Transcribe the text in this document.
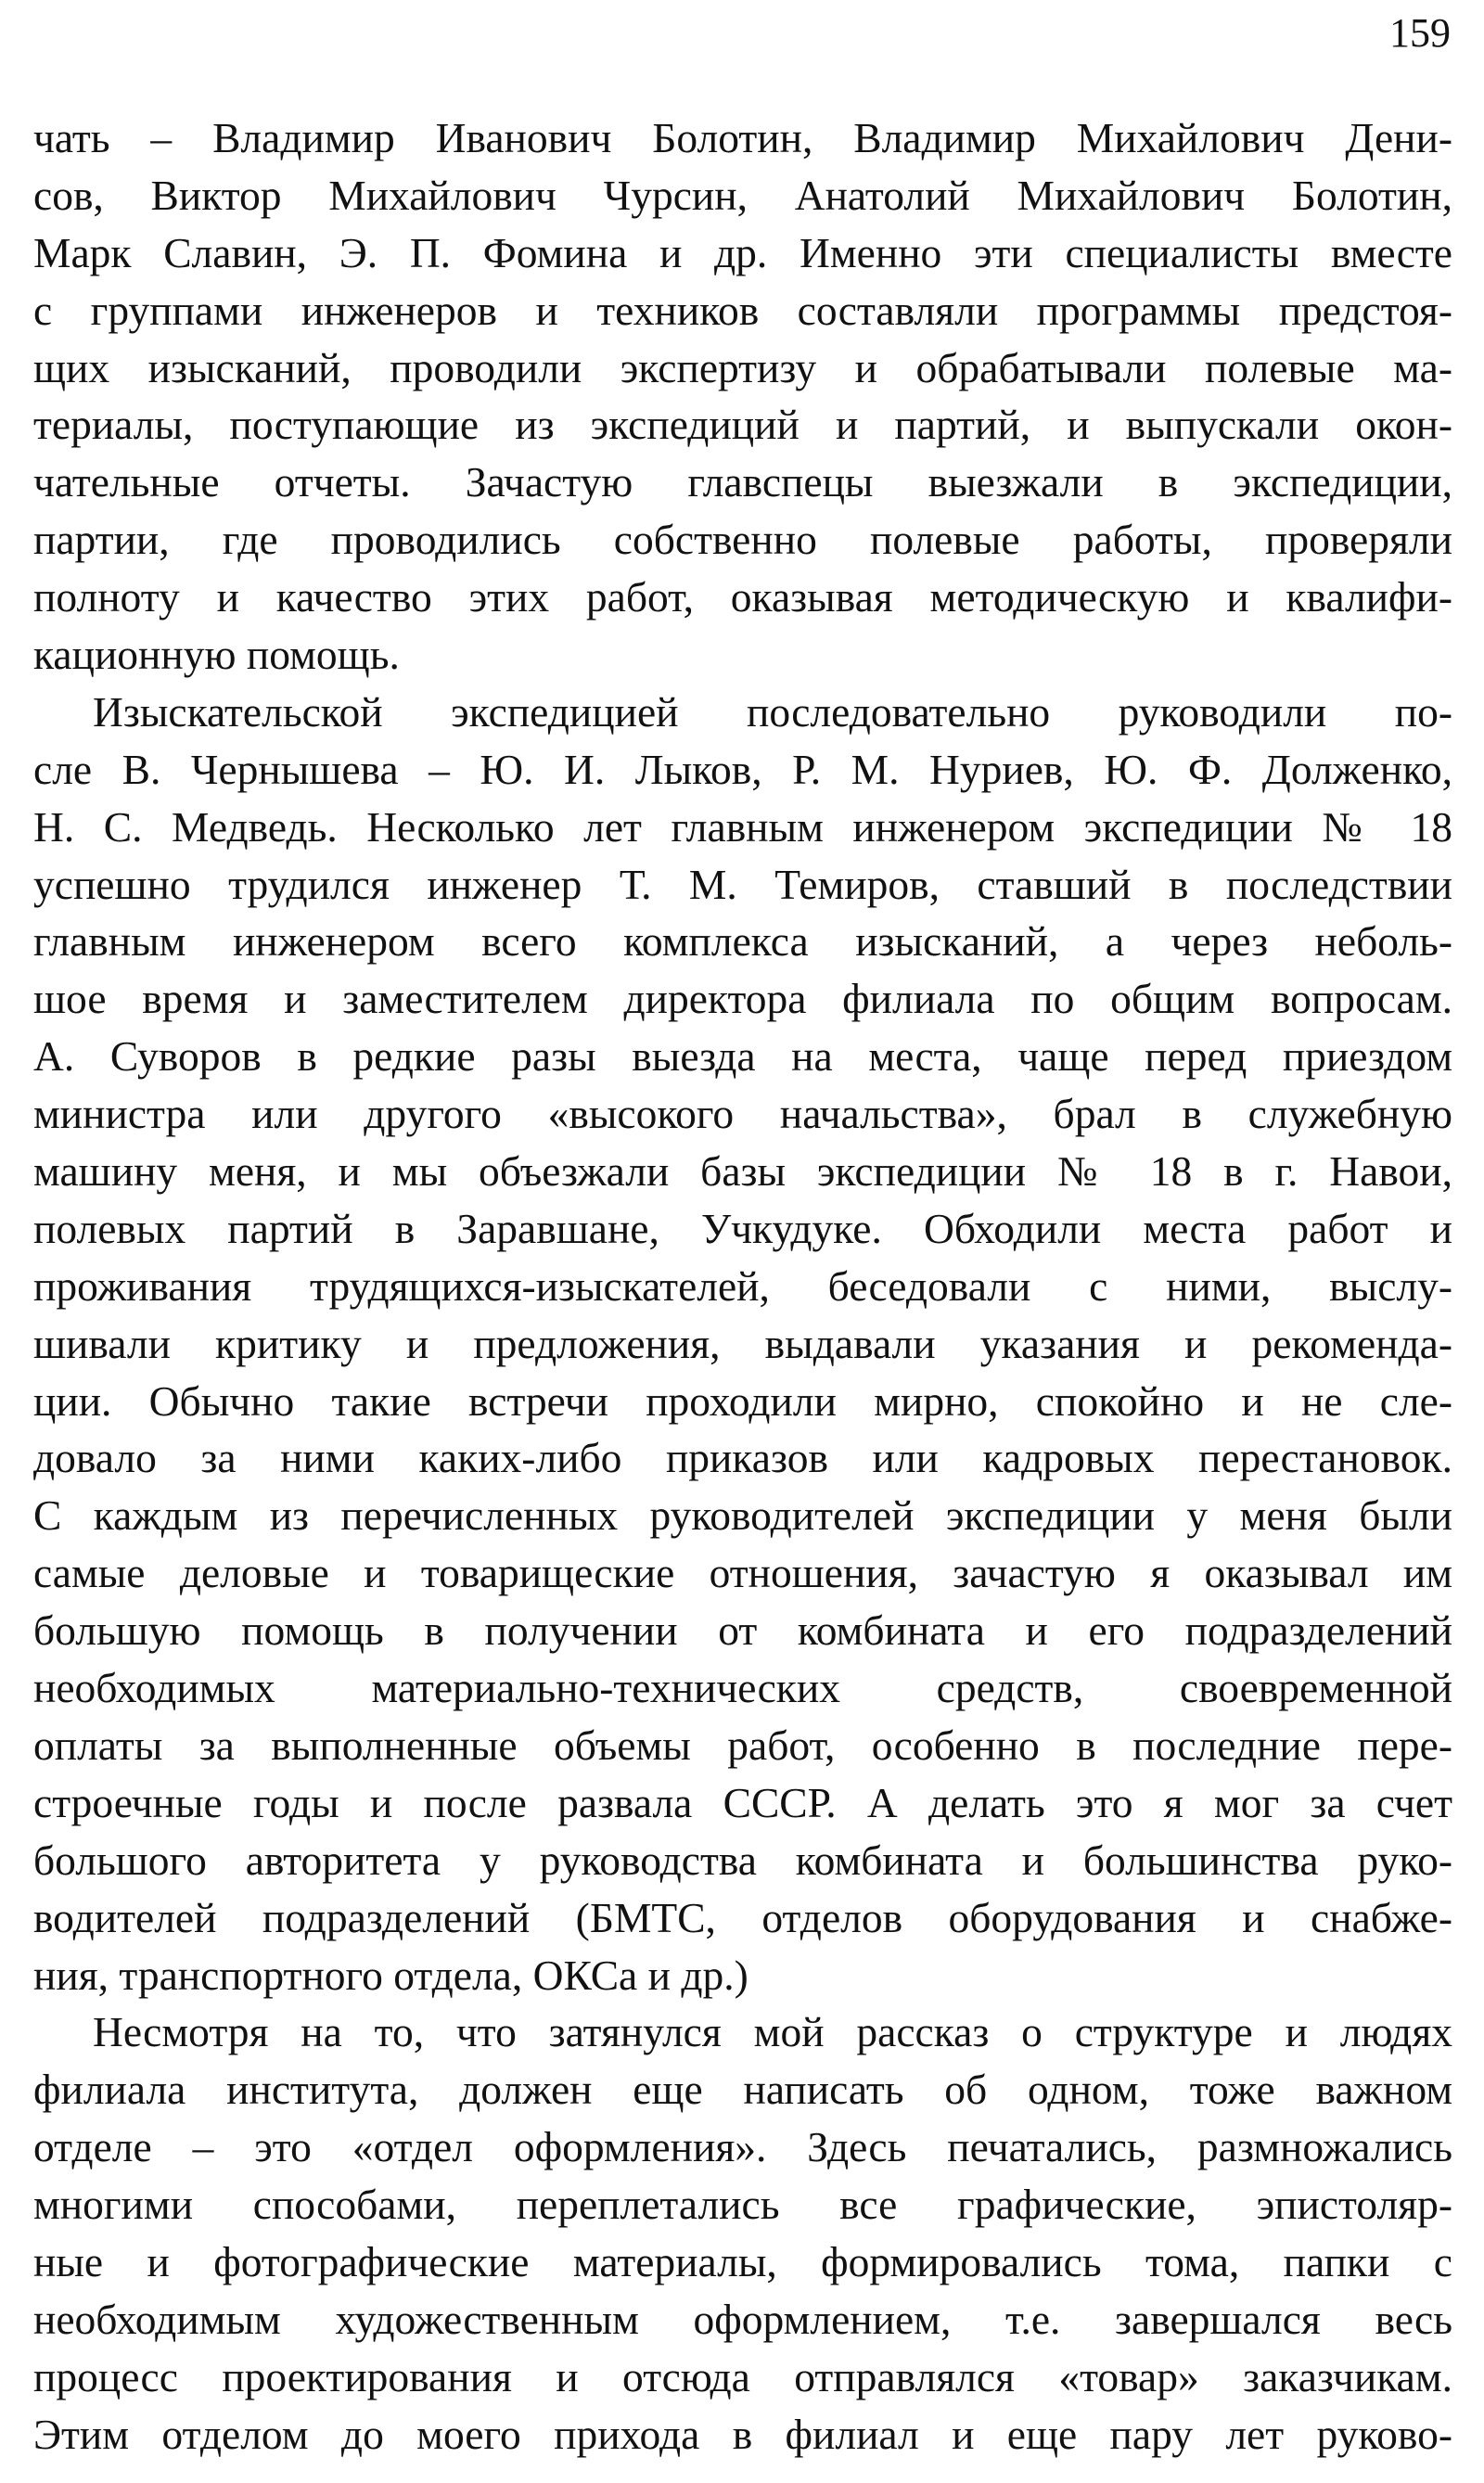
159
чать – Владимир Иванович Болотин, Владимир Михайлович Дени-
сов, Виктор Михайлович Чурсин, Анатолий Михайлович Болотин,
Марк Славин, Э. П. Фомина и др. Именно эти специалисты вместе
с группами инженеров и техников составляли программы предстоя-
щих изысканий, проводили экспертизу и обрабатывали полевые ма-
териалы, поступающие из экспедиций и партий, и выпускали окон-
чательные отчеты. Зачастую главспецы выезжали в экспедиции,
партии, где проводились собственно полевые работы, проверяли
полноту и качество этих работ, оказывая методическую и квалифи-
кационную помощь.
Изыскательской экспедицией последовательно руководили по-
сле В. Чернышева – Ю. И. Лыков, Р. М. Нуриев, Ю. Ф. Долженко,
Н. С. Медведь. Несколько лет главным инженером экспедиции № 18
успешно трудился инженер Т. М. Темиров, ставший в последствии
главным инженером всего комплекса изысканий, а через неболь-
шое время и заместителем директора филиала по общим вопросам.
А. Суворов в редкие разы выезда на места, чаще перед приездом
министра или другого «высокого начальства», брал в служебную
машину меня, и мы объезжали базы экспедиции № 18 в г. Навои,
полевых партий в Заравшане, Учкудуке. Обходили места работ и
проживания трудящихся-изыскателей, беседовали с ними, выслу-
шивали критику и предложения, выдавали указания и рекоменда-
ции. Обычно такие встречи проходили мирно, спокойно и не сле-
довало за ними каких-либо приказов или кадровых перестановок.
С каждым из перечисленных руководителей экспедиции у меня были
самые деловые и товарищеские отношения, зачастую я оказывал им
большую помощь в получении от комбината и его подразделений
необходимых материально-технических средств, своевременной
оплаты за выполненные объемы работ, особенно в последние пере-
строечные годы и после развала СССР. А делать это я мог за счет
большого авторитета у руководства комбината и большинства руко-
водителей подразделений (БМТС, отделов оборудования и снабже-
ния, транспортного отдела, ОКСа и др.)
Несмотря на то, что затянулся мой рассказ о структуре и людях
филиала института, должен еще написать об одном, тоже важном
отделе – это «отдел оформления». Здесь печатались, размножались
многими способами, переплетались все графические, эпистоляр-
ные и фотографические материалы, формировались тома, папки с
необходимым художественным оформлением, т.е. завершался весь
процесс проектирования и отсюда отправлялся «товар» заказчикам.
Этим отделом до моего прихода в филиал и еще пару лет руково-
